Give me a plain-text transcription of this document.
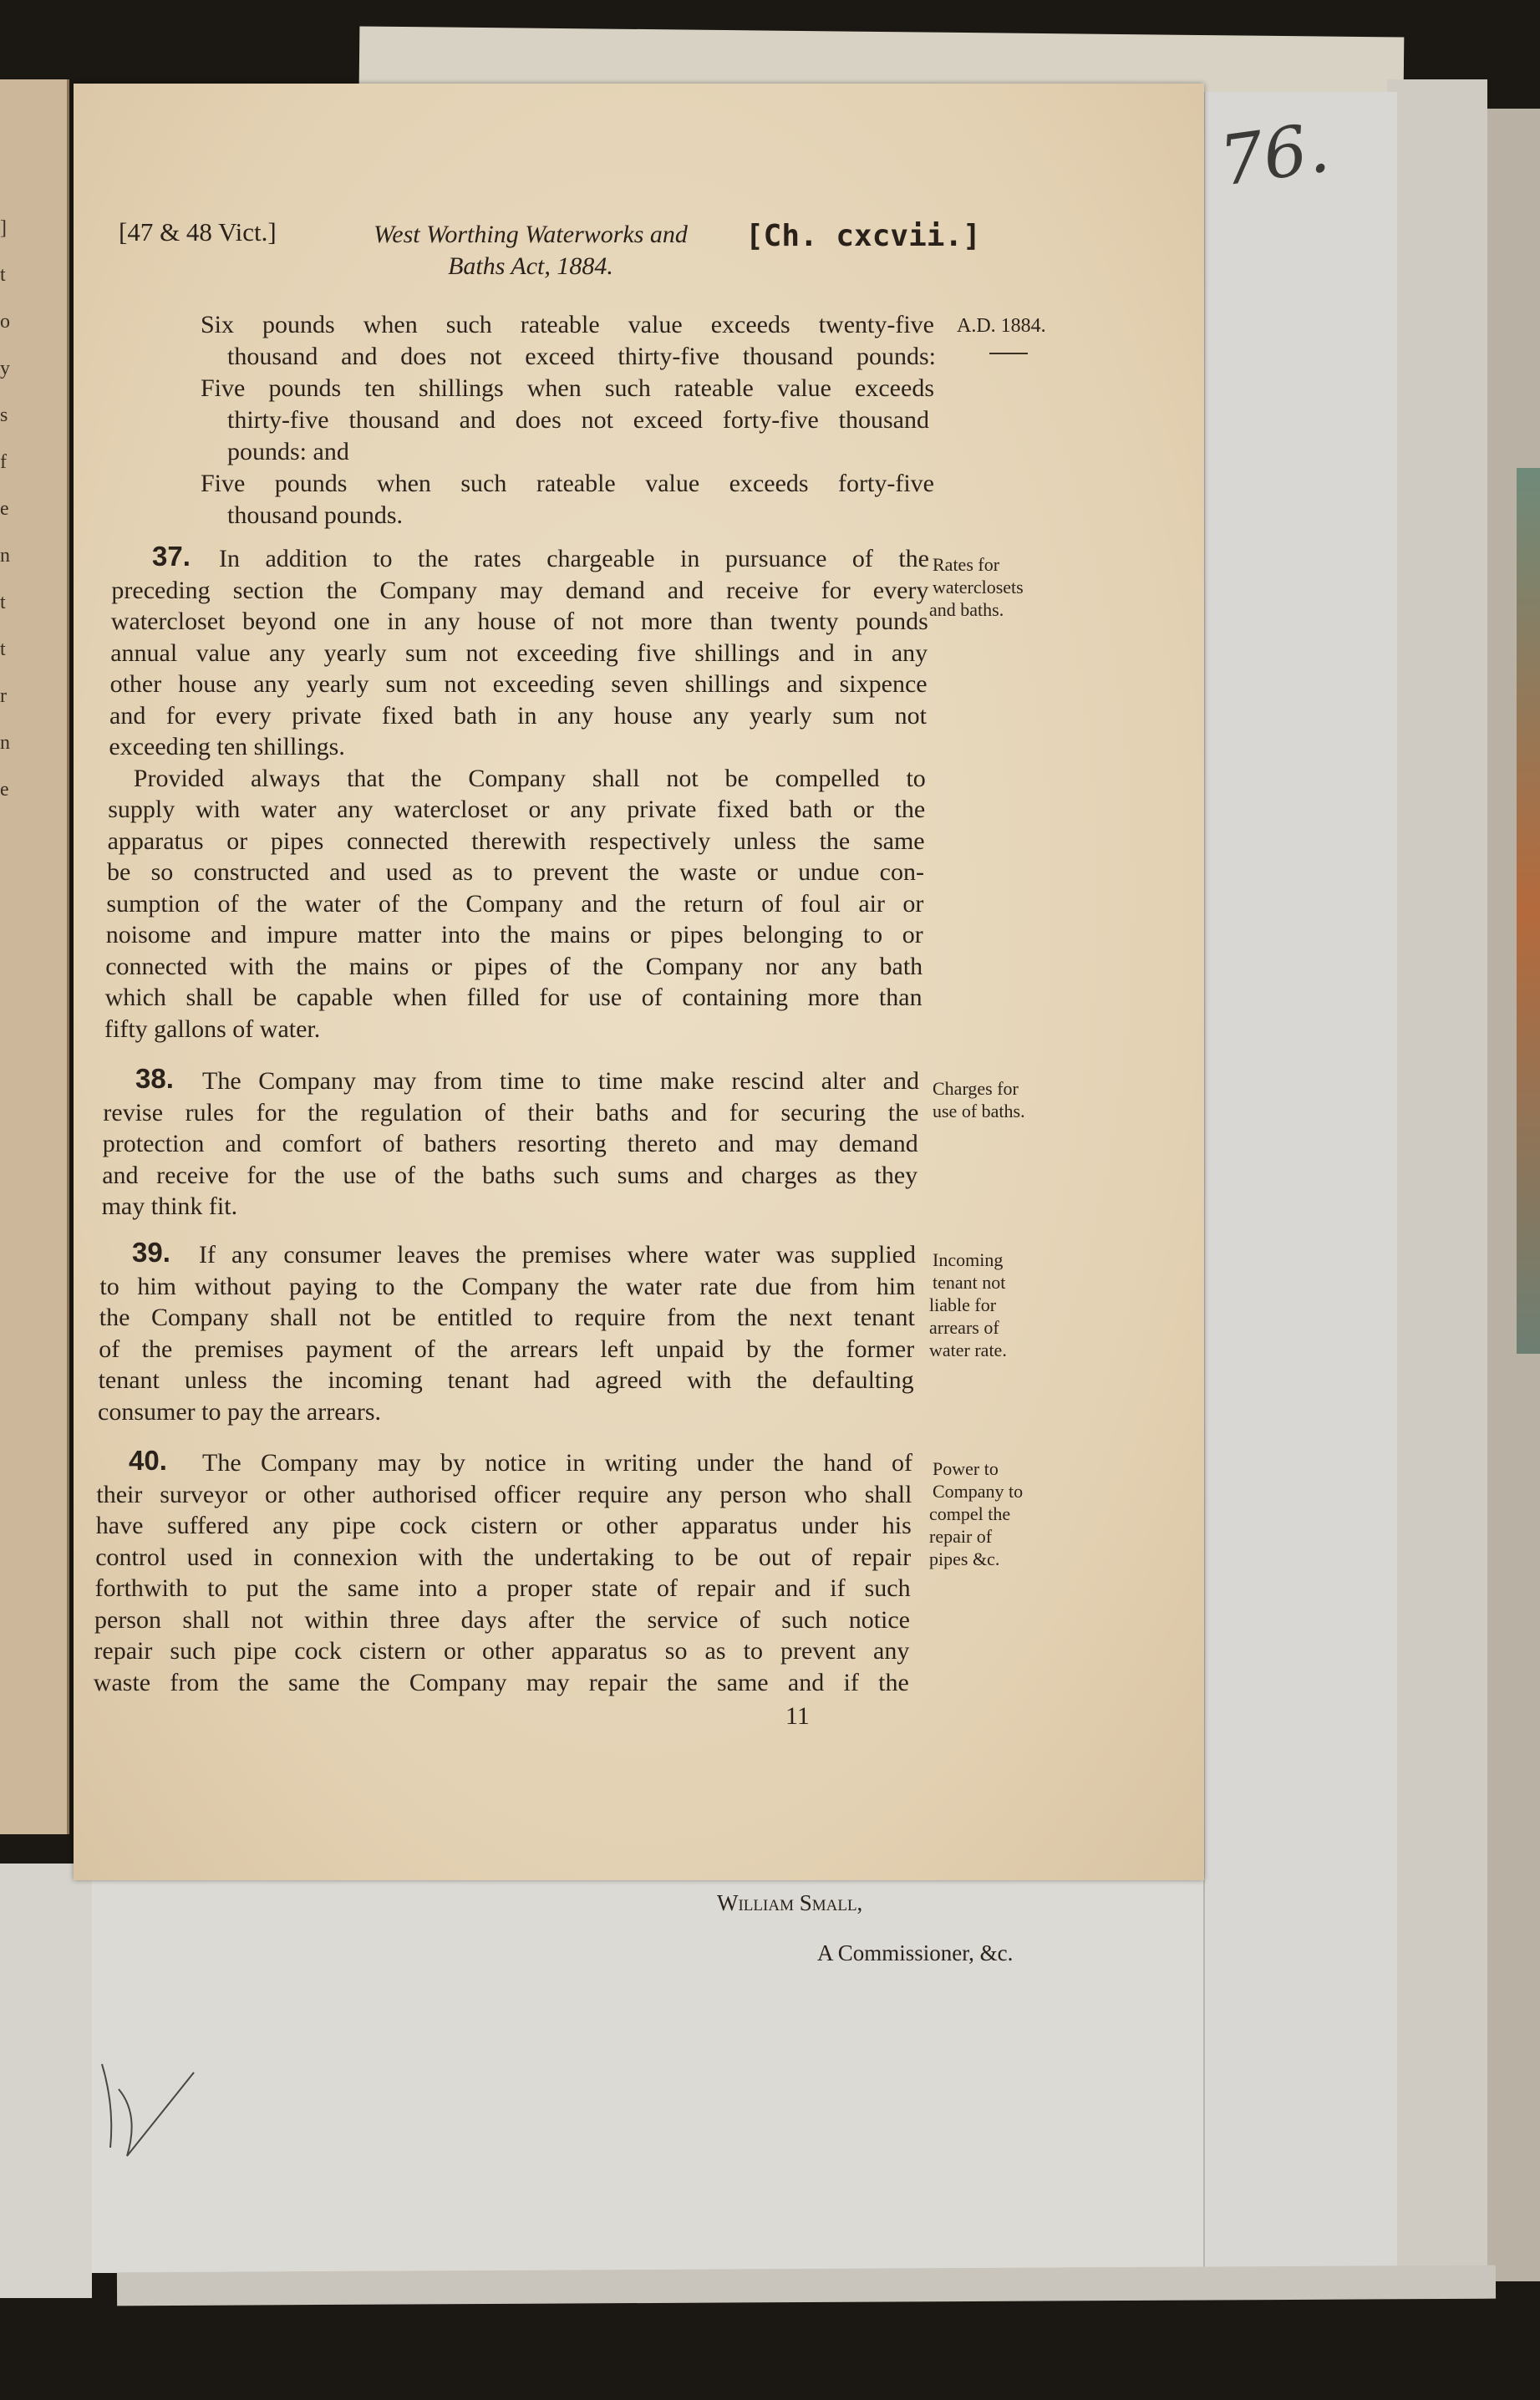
]
t
o
y
s
f
e
n
t
t
r
n
e
[47 & 48 Vict.]	West Worthing Waterworks and Baths Act, 1884.
[Ch. cxcvii.]
A.D. 1884.
Six pounds when such rateable value exceeds twenty-five
thousand and does not exceed thirty-five thousand pounds:
Five pounds ten shillings when such rateable value exceeds
thirty-five thousand and does not exceed forty-five thousand
pounds: and
Five pounds when such rateable value exceeds forty-five
thousand pounds.
37. In addition to the rates chargeable in pursuance of the
preceding section the Company may demand and receive for every
watercloset beyond one in any house of not more than twenty pounds
annual value any yearly sum not exceeding five shillings and in any
other house any yearly sum not exceeding seven shillings and sixpence
and for every private fixed bath in any house any yearly sum not
exceeding ten shillings.
Provided always that the Company shall not be compelled to
supply with water any watercloset or any private fixed bath or the
apparatus or pipes connected therewith respectively unless the same
be so constructed and used as to prevent the waste or undue con-
sumption of the water of the Company and the return of foul air or
noisome and impure matter into the mains or pipes belonging to or
connected with the mains or pipes of the Company nor any bath
which shall be capable when filled for use of containing more than
fifty gallons of water.
Rates for
waterclosets
and baths.
38. The Company may from time to time make rescind alter and
revise rules for the regulation of their baths and for securing the
protection and comfort of bathers resorting thereto and may demand
and receive for the use of the baths such sums and charges as they
may think fit.
Charges for
use of baths.
39. If any consumer leaves the premises where water was supplied
to him without paying to the Company the water rate due from him
the Company shall not be entitled to require from the next tenant
of the premises payment of the arrears left unpaid by the former
tenant unless the incoming tenant had agreed with the defaulting
consumer to pay the arrears.
Incoming
tenant not
liable for
arrears of
water rate.
40. The Company may by notice in writing under the hand of
their surveyor or other authorised officer require any person who shall
have suffered any pipe cock cistern or other apparatus under his
control used in connexion with the undertaking to be out of repair
forthwith to put the same into a proper state of repair and if such
person shall not within three days after the service of such notice
repair such pipe cock cistern or other apparatus so as to prevent any
waste from the same the Company may repair the same and if the
Power to
Company to
compel the
repair of
pipes &c.
11
William Small,
A Commissioner, &c.
76.
